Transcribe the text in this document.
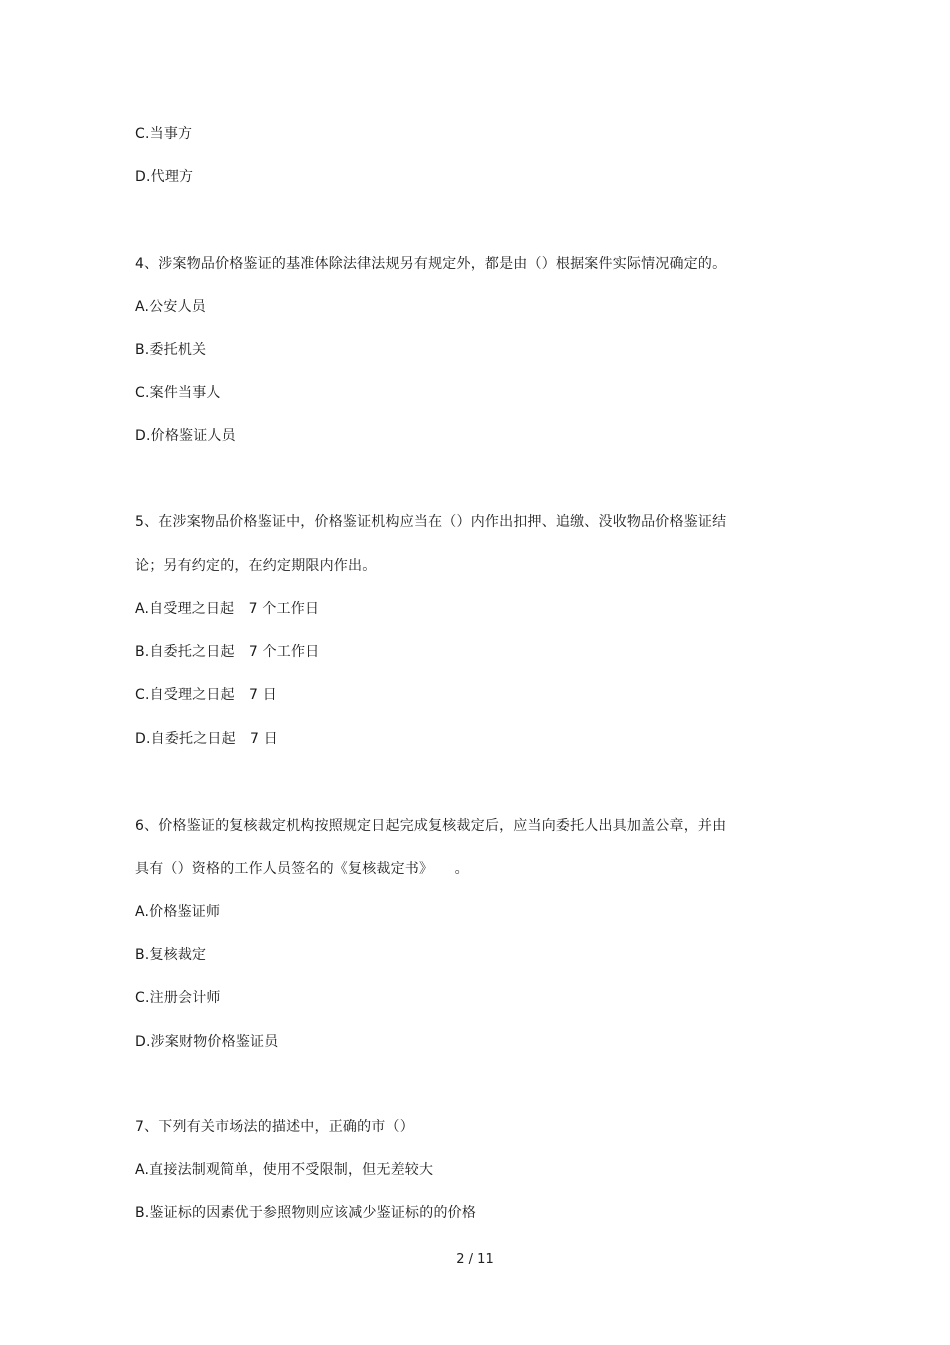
C.当事方
D.代理方
4、涉案物品价格鉴证的基准体除法律法规另有规定外，都是由（）根据案件实际情况确定的。
A.公安人员
B.委托机关
C.案件当事人
D.价格鉴证人员
5、在涉案物品价格鉴证中，价格鉴证机构应当在（）内作出扣押、追缴、没收物品价格鉴证结
论；另有约定的，在约定期限内作出。
A.自受理之日起　7 个工作日
B.自委托之日起　7 个工作日
C.自受理之日起　7 日
D.自委托之日起　7 日
6、价格鉴证的复核裁定机构按照规定日起完成复核裁定后，应当向委托人出具加盖公章，并由
具有（）资格的工作人员签名的《复核裁定书》　　。
A.价格鉴证师
B.复核裁定
C.注册会计师
D.涉案财物价格鉴证员
7、下列有关市场法的描述中，正确的市（）
A.直接法制观简单，使用不受限制，但无差较大
B.鉴证标的因素优于参照物则应该减少鉴证标的的价格
2 / 11
